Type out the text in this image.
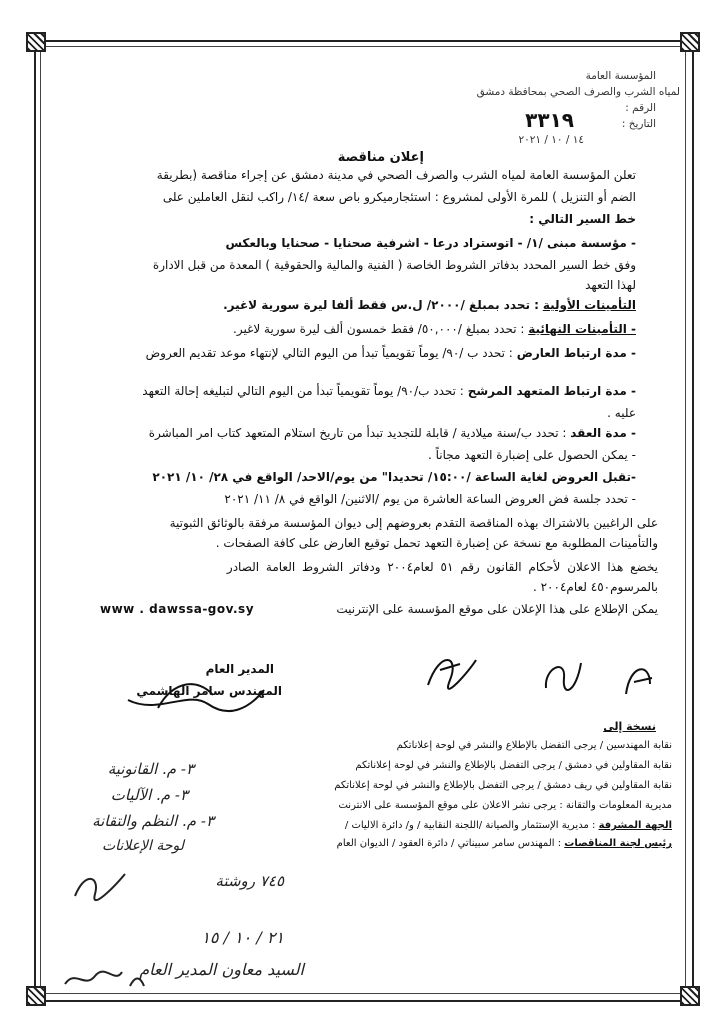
المؤسسة العامة
لمياه الشرب والصرف الصحي بمحافظة دمشق
الرقم :
التاريخ :
٣٣١٩
١٤ / ١٠ / ٢٠٢١
إعلان مناقصة
تعلن المؤسسة العامة لمياه الشرب والصرف الصحي في مدينة دمشق عن إجراء مناقصة (بطريقة
الضم أو التنزيل ) للمرة الأولى لمشروع : استئجارميكرو باص سعة /١٤/ راكب لنقل العاملين على
خط السير التالي :
- مؤسسة مبنى /١/ - اتوستراد درعا - اشرفية صحنايا - صحنايا وبالعكس
وفق خط السير المحدد بدفاتر الشروط الخاصة ( الفنية والمالية والحقوقية ) المعدة من قبل الادارة
لهذا التعهد
التأمينات الأولية : تحدد بمبلغ /٢٠٠٠/ ل.س فقط ألفا ليرة سورية لاغير.
- التأمينات النهائية : تحدد بمبلغ /٥٠,٠٠٠/ فقط خمسون ألف ليرة سورية لاغير.
- مدة ارتباط العارض : تحدد ب /٩٠/ يوماً تقويمياً تبدأ من اليوم التالي لإنتهاء موعد تقديم العروض
- مدة ارتباط المتعهد المرشح : تحدد ب/٩٠/ يوماً تقويمياً تبدأ من اليوم التالي لتبليغه إحالة التعهد
عليه .
- مدة العقد : تحدد ب/سنة ميلادية / قابلة للتجديد تبدأ من تاريخ استلام المتعهد كتاب امر المباشرة
- يمكن الحصول على إضبارة التعهد مجاناً .
-تقبل العروض لغاية الساعة /١٥:٠٠/ تحديدا" من يوم/الاحد/ الواقع في ٢٨/ ١٠/ ٢٠٢١
- تحدد جلسة فض العروض الساعة العاشرة من يوم /الاثنين/ الواقع في ٨/ ١١/ ٢٠٢١
على الراغبين بالاشتراك بهذه المناقصة التقدم بعروضهم إلى ديوان المؤسسة مرفقة بالوثائق الثبوتية
والتأمينات المطلوبة مع نسخة عن إضبارة التعهد تحمل توقيع العارض على كافة الصفحات .
يخضع هذا الاعلان لأحكام القانون رقم ٥١ لعام٢٠٠٤ ودفاتر الشروط العامة الصادر
بالمرسوم٤٥٠ لعام٢٠٠٤ .
يمكن الإطلاع على هذا الإعلان على موقع المؤسسة على الإنترنيت
www . dawssa-gov.sy
المدير العام
المهندس سامر الهاشمي
نسخة إلى
نقابة المهندسين / يرجى التفضل بالإطلاع والنشر في لوحة إعلاناتكم
نقابة المقاولين في دمشق / يرجى التفضل بالإطلاع والنشر في لوحة إعلاناتكم
نقابة المقاولين في ريف دمشق / يرجى التفضل بالإطلاع والنشر في لوحة إعلاناتكم
مديرية المعلومات والتقانة : يرجى نشر الاعلان على موقع المؤسسة على الانترنت
الجهة المشرفة : مديرية الإستثمار والصيانة /اللجنة النقابية / و/ دائرة الاليات /
رئيس لجنة المناقصات : المهندس سامر سبيناتي / دائرة العقود / الديوان العام
٣- م. القانونية
٣- م. الآليات
٣- م. النظم والتقانة
لوحة الإعلانات
٧٤٥ روشتة
٢١ / ١٠ / ١٥
السيد معاون المدير العام
